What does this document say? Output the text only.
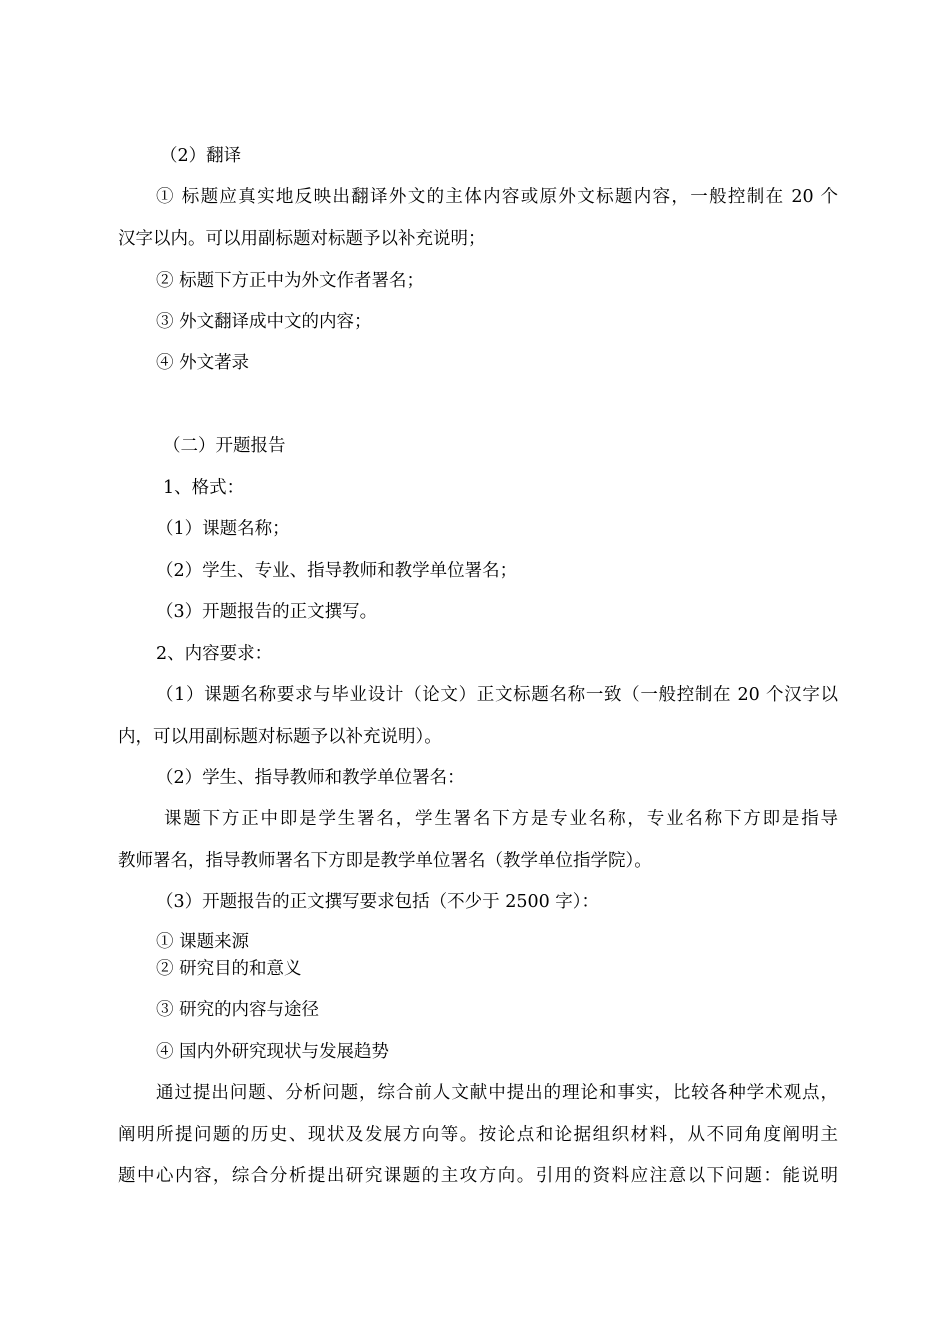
（2）翻译
① 标题应真实地反映出翻译外文的主体内容或原外文标题内容，一般控制在 20 个
汉字以内。可以用副标题对标题予以补充说明；
② 标题下方正中为外文作者署名；
③ 外文翻译成中文的内容；
④ 外文著录
（二）开题报告
1、格式：
（1）课题名称；
（2）学生、专业、指导教师和教学单位署名；
（3）开题报告的正文撰写。
2、内容要求：
（1）课题名称要求与毕业设计（论文）正文标题名称一致（一般控制在 20 个汉字以
内，可以用副标题对标题予以补充说明）。
（2）学生、指导教师和教学单位署名：
课题下方正中即是学生署名，学生署名下方是专业名称，专业名称下方即是指导
教师署名，指导教师署名下方即是教学单位署名（教学单位指学院）。
（3）开题报告的正文撰写要求包括（不少于 2500 字）：
① 课题来源
② 研究目的和意义
③ 研究的内容与途径
④ 国内外研究现状与发展趋势
通过提出问题、分析问题，综合前人文献中提出的理论和事实，比较各种学术观点，
阐明所提问题的历史、现状及发展方向等。按论点和论据组织材料，从不同角度阐明主
题中心内容，综合分析提出研究课题的主攻方向。引用的资料应注意以下问题：能说明
